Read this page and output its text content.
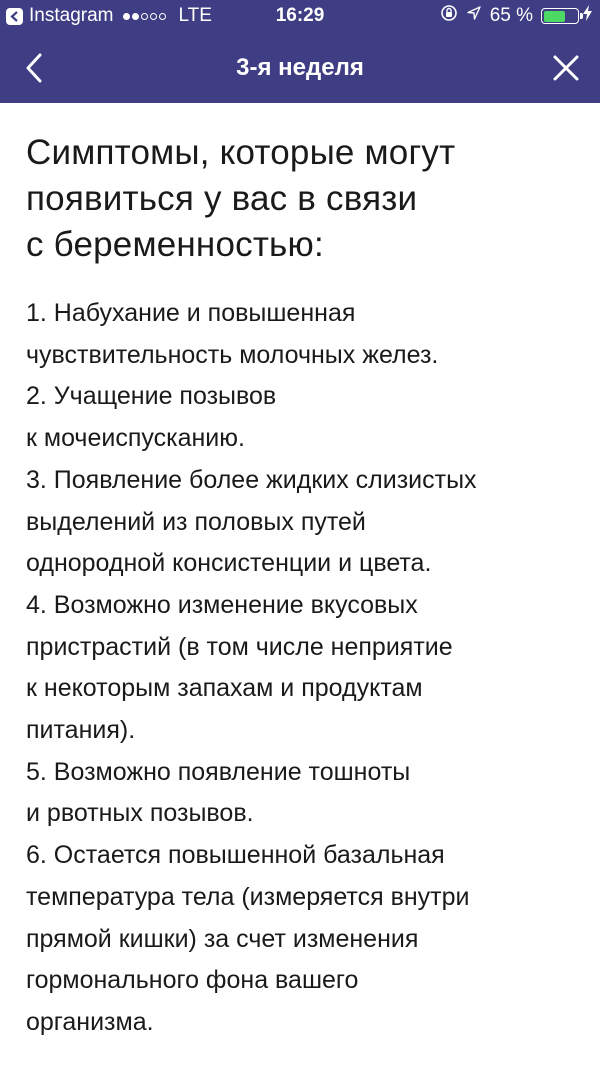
Instagram	LTE	16:29	65 %
3-я неделя
Симптомы, которые могут
появиться у вас в связи
с беременностью:
1. Набухание и повышенная
чувствительность молочных желез.
2. Учащение позывов
к мочеиспусканию.
3. Появление более жидких слизистых
выделений из половых путей
однородной консистенции и цвета.
4. Возможно изменение вкусовых
пристрастий (в том числе неприятие
к некоторым запахам и продуктам
питания).
5. Возможно появление тошноты
и рвотных позывов.
6. Остается повышенной базальная
температура тела (измеряется внутри
прямой кишки) за счет изменения
гормонального фона вашего
организма.
